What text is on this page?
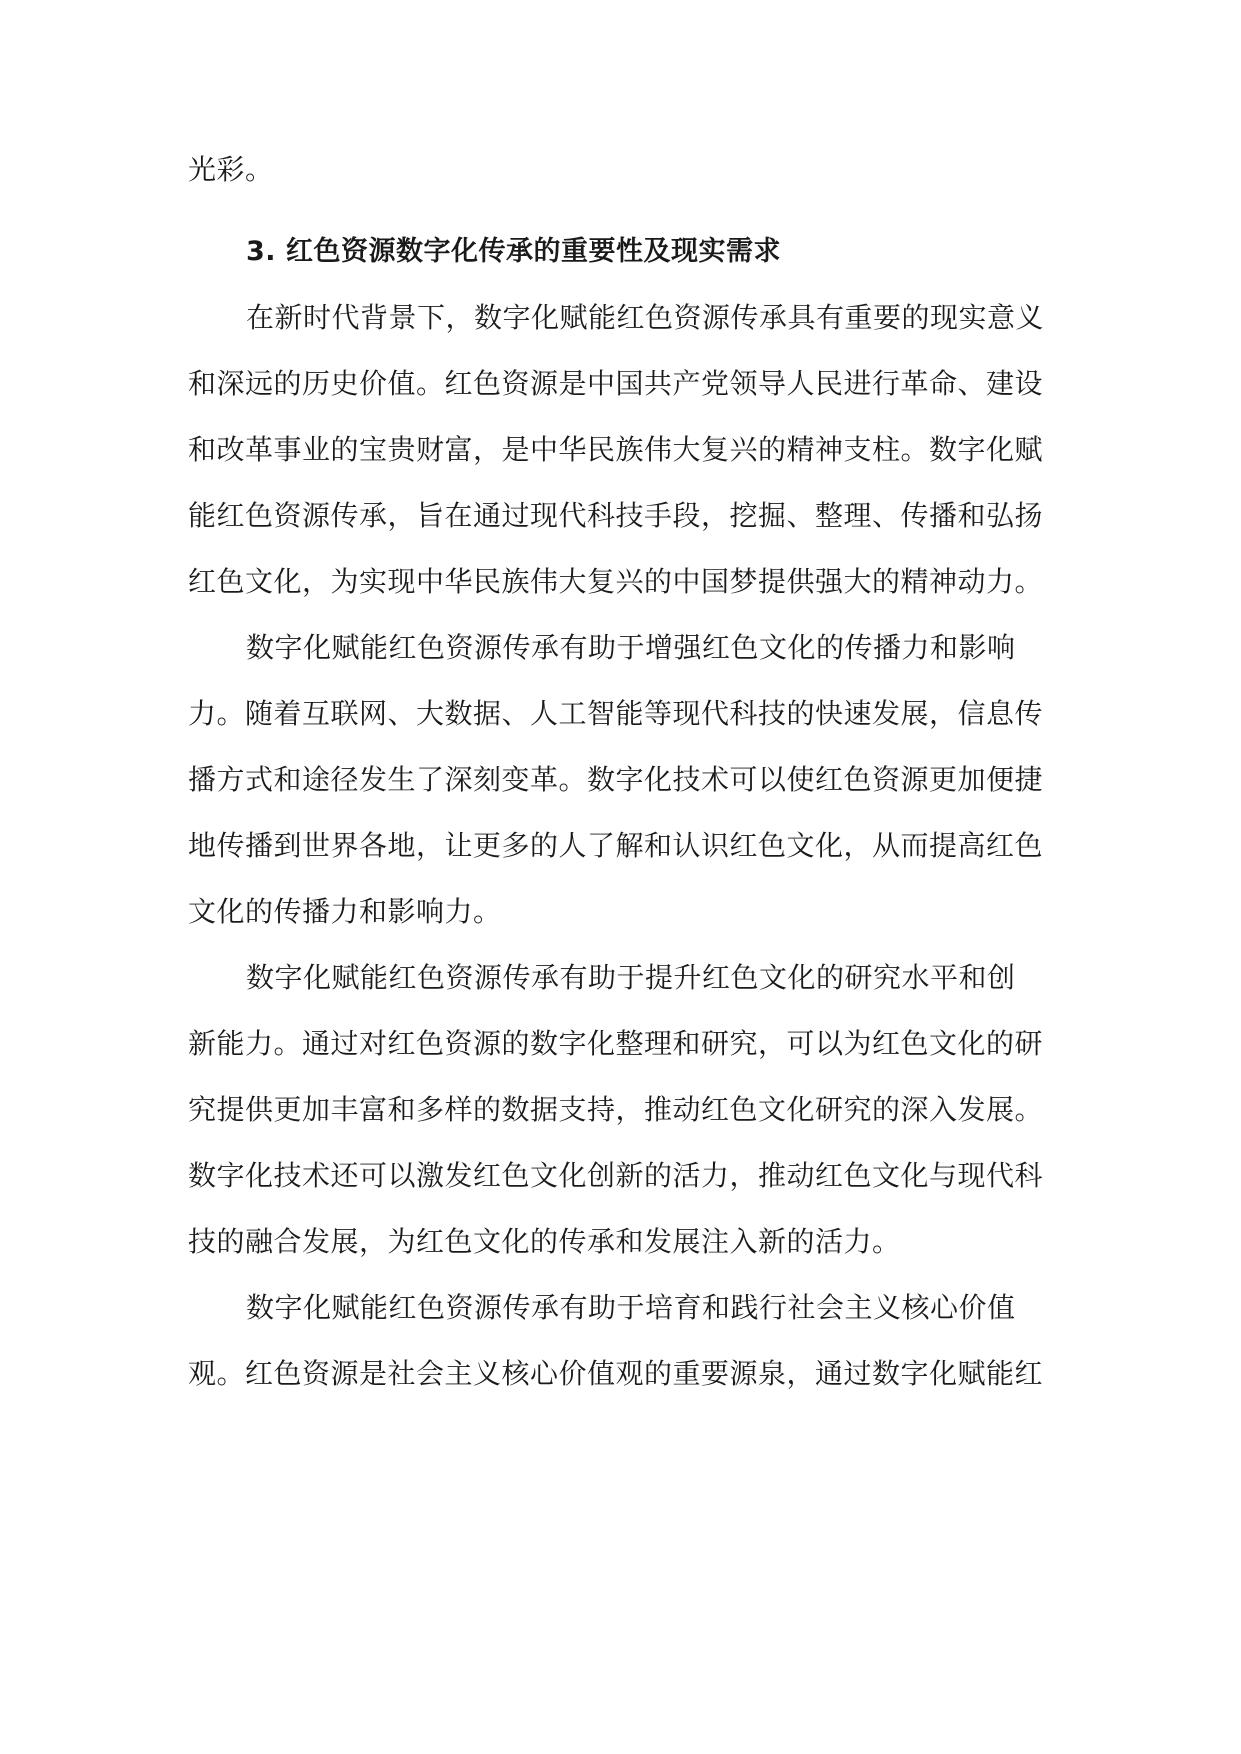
光彩。
3. 红色资源数字化传承的重要性及现实需求
在新时代背景下，数字化赋能红色资源传承具有重要的现实意义
和深远的历史价值。红色资源是中国共产党领导人民进行革命、建设
和改革事业的宝贵财富，是中华民族伟大复兴的精神支柱。数字化赋
能红色资源传承，旨在通过现代科技手段，挖掘、整理、传播和弘扬
红色文化，为实现中华民族伟大复兴的中国梦提供强大的精神动力。
数字化赋能红色资源传承有助于增强红色文化的传播力和影响
力。随着互联网、大数据、人工智能等现代科技的快速发展，信息传
播方式和途径发生了深刻变革。数字化技术可以使红色资源更加便捷
地传播到世界各地，让更多的人了解和认识红色文化，从而提高红色
文化的传播力和影响力。
数字化赋能红色资源传承有助于提升红色文化的研究水平和创
新能力。通过对红色资源的数字化整理和研究，可以为红色文化的研
究提供更加丰富和多样的数据支持，推动红色文化研究的深入发展。
数字化技术还可以激发红色文化创新的活力，推动红色文化与现代科
技的融合发展，为红色文化的传承和发展注入新的活力。
数字化赋能红色资源传承有助于培育和践行社会主义核心价值
观。红色资源是社会主义核心价值观的重要源泉，通过数字化赋能红
